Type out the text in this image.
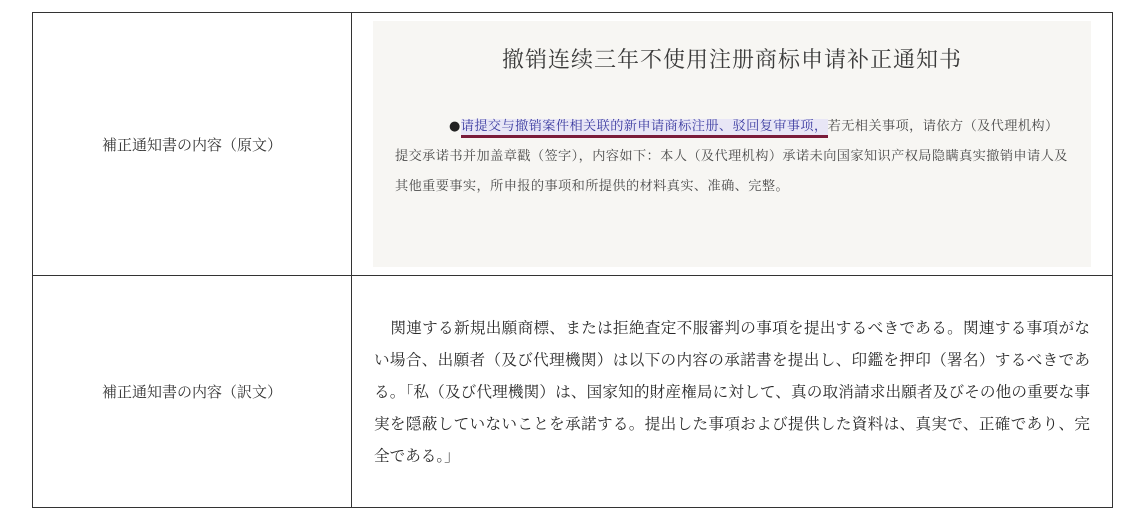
補正通知書の内容（原文）	撤销连续三年不使用注册商标申请补正通知书
●请提交与撤销案件相关联的新申请商标注册、驳回复审事项，若无相关事项，请依方（及代理机构）提交承诺书并加盖章戳（签字），内容如下：本人（及代理机构）承诺未向国家知识产权局隐瞒真实撤销申请人及其他重要事实，所申报的事项和所提供的材料真实、准确、完整。

補正通知書の内容（訳文）	関連する新規出願商標、または拒絶査定不服審判の事項を提出するべきである。関連する事項がない場合、出願者（及び代理機関）は以下の内容の承諾書を提出し、印鑑を押印（署名）するべきである。「私（及び代理機関）は、国家知的財産権局に対して、真の取消請求出願者及びその他の重要な事実を隠蔽していないことを承諾する。提出した事項および提供した資料は、真実で、正確であり、完全である。」
